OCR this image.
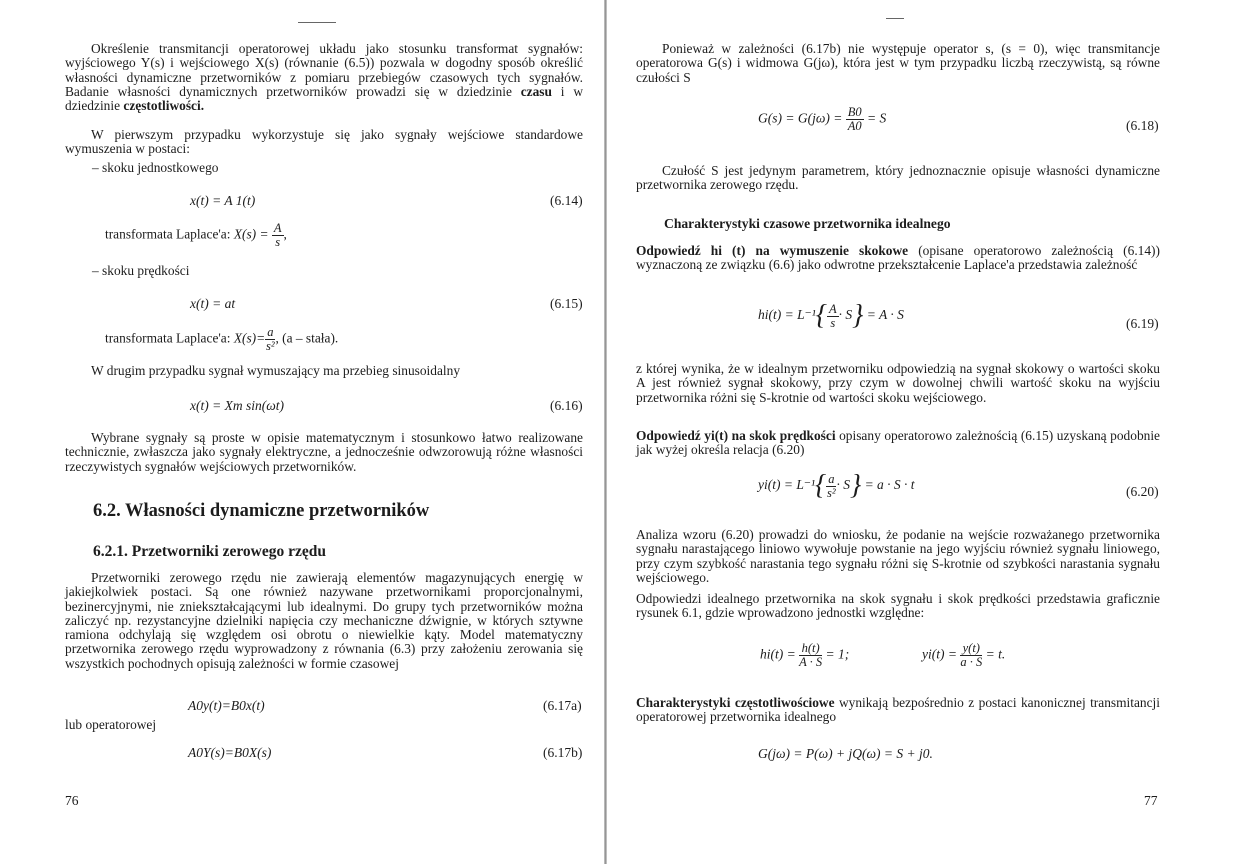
Określenie transmitancji operatorowej układu jako stosunku transformat sygnałów: wyjściowego Y(s) i wejściowego X(s) (równanie (6.5)) pozwala w dogodny sposób określić własności dynamiczne przetworników z pomiaru przebiegów czasowych tych sygnałów. Badanie własności dynamicznych przetworników prowadzi się w dziedzinie czasu i w dziedzinie częstotliwości.

W pierwszym przypadku wykorzystuje się jako sygnały wejściowe standardowe wymuszenia w postaci:

– skoku jednostkowego
x(t) = A 1(t)	(6.14)
transformata Laplace'a: $X(s) = \frac{A}{s}$ ,
– skoku prędkości
x(t) = at	(6.15)
transformata Laplace'a: $X(s)= \frac{a}{\text{s²}}$ , (a – stała).

W drugim przypadku sygnał wymuszający ma przebieg sinusoidalny

x(t) = Xm sin(ωt)	(6.16)

Wybrane sygnały są proste w opisie matematycznym i stosunkowo łatwo realizowane technicznie, zwłaszcza jako sygnały elektryczne, a jednocześnie odwzorowują różne własności rzeczywistych sygnałów wejściowych przetworników.

6.2. Własności dynamiczne przetworników
6.2.1. Przetworniki zerowego rzędu

Przetworniki zerowego rzędu nie zawierają elementów magazynujących energię w jakiejkolwiek postaci. Są one również nazywane przetwornikami proporcjonalnymi, bezinercyjnymi, nie zniekształcającymi lub idealnymi. Do grupy tych przetworników można zaliczyć np. rezystancyjne dzielniki napięcia czy mechaniczne dźwignie, w których sztywne ramiona odchylają się względem osi obrotu o niewielkie kąty. Model matematyczny przetwornika zerowego rzędu wyprowadzony z równania (6.3) przy założeniu zerowania się wszystkich pochodnych opisują zależności w formie czasowej

A0y(t)=B0x(t)	(6.17a)
lub operatorowej
A0Y(s)=B0X(s)	(6.17b)
76

Ponieważ w zależności (6.17b) nie występuje operator s, (s = 0), więc transmitancje operatorowa G(s) i widmowa G(jω), która jest w tym przypadku liczbą rzeczywistą, są równe czułości S

$G(s) = G(j\omega) = \frac{B0}{A0} = S$	(6.18)

Czułość S jest jedynym parametrem, który jednoznacznie opisuje własności dynamiczne przetwornika zerowego rzędu.

Charakterystyki czasowe przetwornika idealnego

Odpowiedź hi (t) na wymuszenie skokowe (opisane operatorowo zależnością (6.14)) wyznaczoną ze związku (6.6) jako odwrotne przekształcenie Laplace'a przedstawia zależność

$hi(t) = L^{-1}\{ \frac{A}{s} \cdot S\} = A \cdot S$
(6.19)

z której wynika, że w idealnym przetworniku odpowiedzią na sygnał skokowy o wartości skoku A jest również sygnał skokowy, przy czym w dowolnej chwili wartość skoku na wyjściu przetwornika różni się S-krotnie od wartości skoku wejściowego.

Odpowiedź yi(t) na skok prędkości opisany operatorowo zależnością (6.15) uzyskaną podobnie jak wyżej określa relacja (6.20)

$yi(t) = L^{-1}\{ \frac{a}{\text{s²}} \cdot S\} = a \cdot S \cdot t$	(6.20)

Analiza wzoru (6.20) prowadzi do wniosku, że podanie na wejście rozważanego przetwornika sygnału narastającego liniowo wywołuje powstanie na jego wyjściu również sygnału liniowego, przy czym szybkość narastania tego sygnału różni się S-krotnie od szybkości narastania sygnału wejściowego.

Odpowiedzi idealnego przetwornika na skok sygnału i skok prędkości przedstawia graficznie rysunek 6.1, gdzie wprowadzono jednostki względne:

$hi(t) = \frac{h(t)}{A \cdot S} = 1$;	$yi(t) = \frac{y(t)}{a \cdot S} = t$.

Charakterystyki częstotliwościowe wynikają bezpośrednio z postaci kanonicznej transmitancji operatorowej przetwornika idealnego

G(jω) = P(ω) + jQ(ω) = S + j0.
77
